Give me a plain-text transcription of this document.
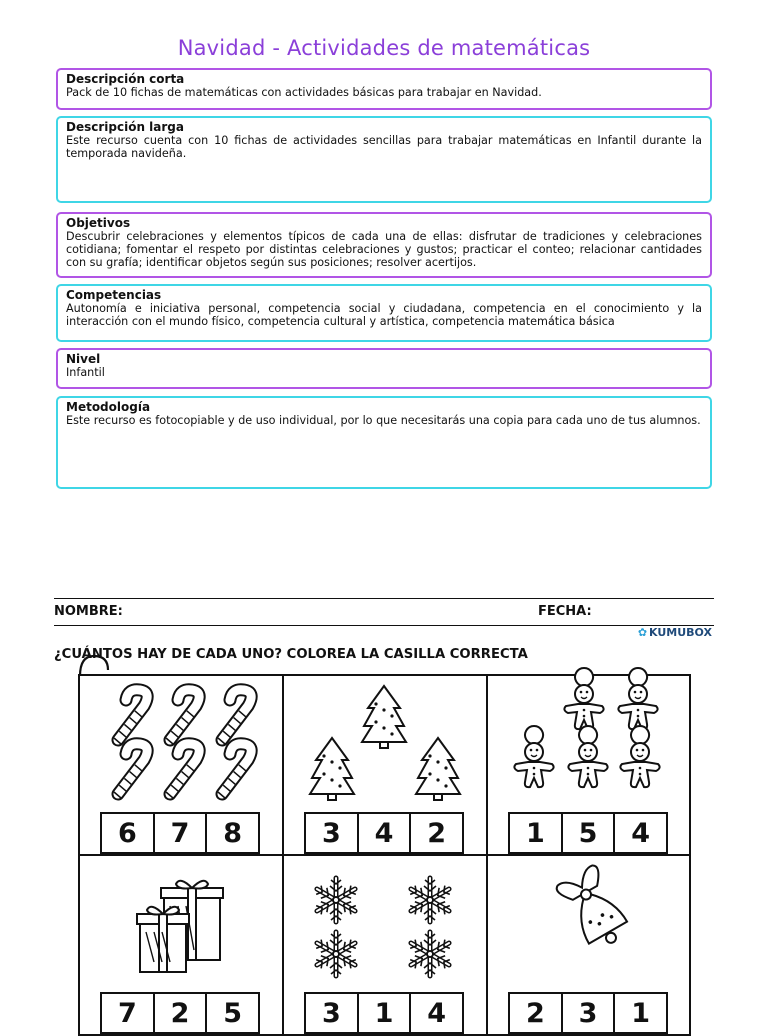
Navidad - Actividades de matemáticas
Descripción corta
Pack de 10 fichas de matemáticas con actividades básicas para trabajar en Navidad.
Descripción larga
Este recurso cuenta con 10 fichas de actividades sencillas para trabajar matemáticas en Infantil durante la temporada navideña.
Objetivos
Descubrir celebraciones y elementos típicos de cada una de ellas: disfrutar de tradiciones y celebraciones cotidiana; fomentar el respeto por distintas celebraciones y gustos; practicar el conteo; relacionar cantidades con su grafía; identificar objetos según sus posiciones; resolver acertijos.
Competencias
Autonomía e iniciativa personal, competencia social y ciudadana, competencia en el conocimiento y la interacción con el mundo físico, competencia cultural y artística, competencia matemática básica
Nivel
Infantil
Metodología
Este recurso es fotocopiable y de uso individual, por lo que necesitarás una copia para cada uno de tus alumnos.
NOMBRE:	FECHA:
✿ KUMUBOX
¿CUÁNTOS HAY DE CADA UNO? COLOREA LA CASILLA CORRECTA
6	7	8	3	4	2	1	5	4
7	2	5	3	1	4	2	3	1
